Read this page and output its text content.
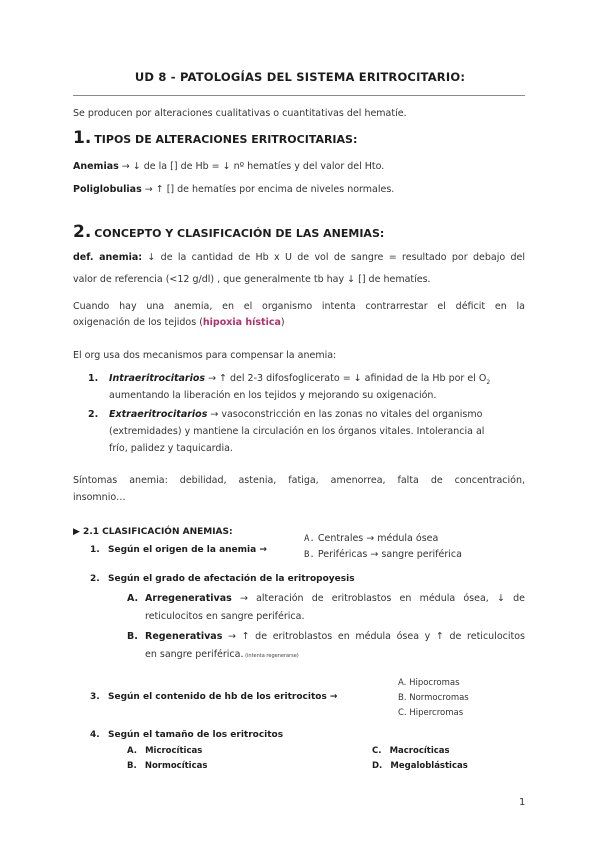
UD 8 - PATOLOGÍAS DEL SISTEMA ERITROCITARIO:
Se producen por alteraciones cualitativas o cuantitativas del hematíe.
1. TIPOS DE ALTERACIONES ERITROCITARIAS:
Anemias → ↓ de la [] de Hb = ↓ nº hematíes y del valor del Hto.
Poliglobulias → ↑ [] de hematíes por encima de niveles normales.
2. CONCEPTO Y CLASIFICACIÓN DE LAS ANEMIAS:
def. anemia: ↓ de la cantidad de Hb x U de vol de sangre = resultado por debajo del
valor de referencia (<12 g/dl) , que generalmente tb hay ↓ [] de hematíes.
Cuando hay una anemia, en el organismo intenta contrarrestar el déficit en la
oxigenación de los tejidos (hipoxia hística)
El org usa dos mecanismos para compensar la anemia:
1. Intraeritrocitarios → ↑ del 2-3 difosfoglicerato = ↓ afinidad de la Hb por el $O_2$
aumentando la liberación en los tejidos y mejorando su oxigenación.
2. Extraeritrocitarios → vasoconstricción en las zonas no vitales del organismo
(extremidades) y mantiene la circulación en los órganos vitales. Intolerancia al
frío, palidez y taquicardia.
Síntomas anemia: debilidad, astenia, fatiga, amenorrea, falta de concentración,
insomnio…
▶ 2.1 CLASIFICACIÓN ANEMIAS:
1. Según el origen de la anemia →
A. Centrales → médula ósea
B. Periféricas → sangre periférica
2. Según el grado de afectación de la eritropoyesis
A. Arregenerativas → alteración de eritroblastos en médula ósea, ↓ de
reticulocitos en sangre periférica.
B. Regenerativas → ↑ de eritroblastos en médula ósea y ↑ de reticulocitos
en sangre periférica. (intenta regenerarse)
3. Según el contenido de hb de los eritrocitos →
A. Hipocromas
B. Normocromas
C. Hipercromas
4. Según el tamaño de los eritrocitos
A. Microcíticas
B. Normocíticas
C. Macrocíticas
D. Megaloblásticas
1
